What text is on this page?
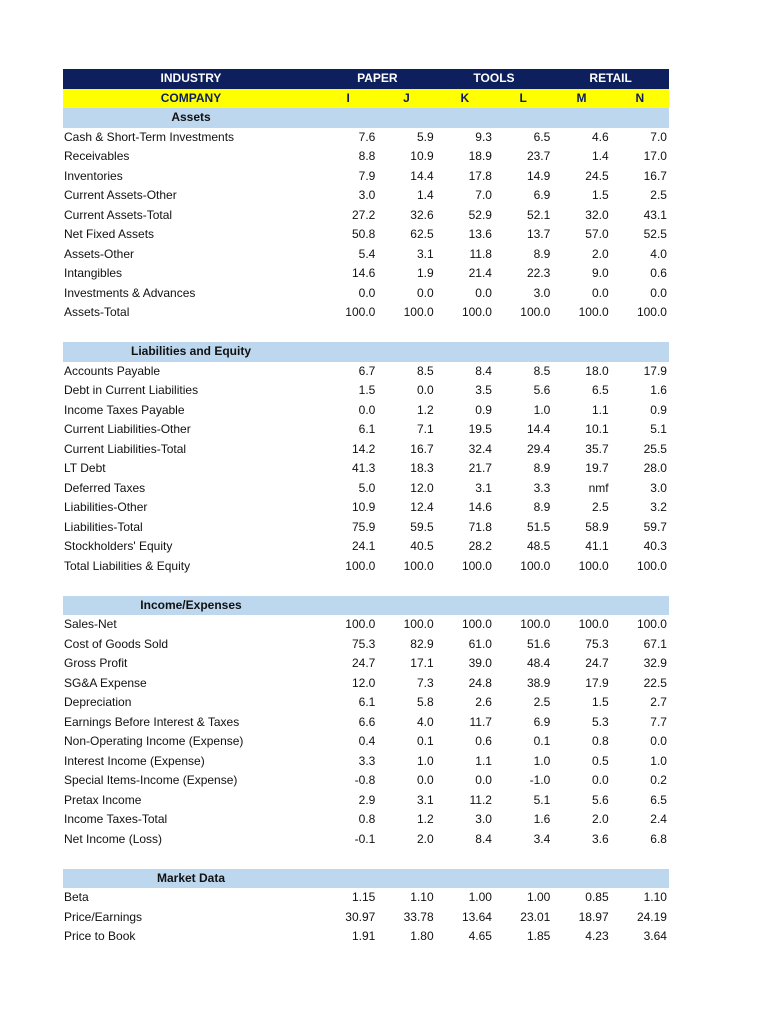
INDUSTRY	PAPER	TOOLS	RETAIL
COMPANY	I	J	K	L	M	N
Assets
Cash & Short-Term Investments	7.6	5.9	9.3	6.5	4.6	7.0
Receivables	8.8	10.9	18.9	23.7	1.4	17.0
Inventories	7.9	14.4	17.8	14.9	24.5	16.7
Current Assets-Other	3.0	1.4	7.0	6.9	1.5	2.5
Current Assets-Total	27.2	32.6	52.9	52.1	32.0	43.1
Net Fixed Assets	50.8	62.5	13.6	13.7	57.0	52.5
Assets-Other	5.4	3.1	11.8	8.9	2.0	4.0
Intangibles	14.6	1.9	21.4	22.3	9.0	0.6
Investments & Advances	0.0	0.0	0.0	3.0	0.0	0.0
Assets-Total	100.0	100.0	100.0	100.0	100.0	100.0
Liabilities and Equity
Accounts Payable	6.7	8.5	8.4	8.5	18.0	17.9
Debt in Current Liabilities	1.5	0.0	3.5	5.6	6.5	1.6
Income Taxes Payable	0.0	1.2	0.9	1.0	1.1	0.9
Current Liabilities-Other	6.1	7.1	19.5	14.4	10.1	5.1
Current Liabilities-Total	14.2	16.7	32.4	29.4	35.7	25.5
LT Debt	41.3	18.3	21.7	8.9	19.7	28.0
Deferred Taxes	5.0	12.0	3.1	3.3	nmf	3.0
Liabilities-Other	10.9	12.4	14.6	8.9	2.5	3.2
Liabilities-Total	75.9	59.5	71.8	51.5	58.9	59.7
Stockholders' Equity	24.1	40.5	28.2	48.5	41.1	40.3
Total Liabilities & Equity	100.0	100.0	100.0	100.0	100.0	100.0
Income/Expenses
Sales-Net	100.0	100.0	100.0	100.0	100.0	100.0
Cost of Goods Sold	75.3	82.9	61.0	51.6	75.3	67.1
Gross Profit	24.7	17.1	39.0	48.4	24.7	32.9
SG&A Expense	12.0	7.3	24.8	38.9	17.9	22.5
Depreciation	6.1	5.8	2.6	2.5	1.5	2.7
Earnings Before Interest & Taxes	6.6	4.0	11.7	6.9	5.3	7.7
Non-Operating Income (Expense)	0.4	0.1	0.6	0.1	0.8	0.0
Interest Income (Expense)	3.3	1.0	1.1	1.0	0.5	1.0
Special Items-Income (Expense)	-0.8	0.0	0.0	-1.0	0.0	0.2
Pretax Income	2.9	3.1	11.2	5.1	5.6	6.5
Income Taxes-Total	0.8	1.2	3.0	1.6	2.0	2.4
Net Income (Loss)	-0.1	2.0	8.4	3.4	3.6	6.8
Market Data
Beta	1.15	1.10	1.00	1.00	0.85	1.10
Price/Earnings	30.97	33.78	13.64	23.01	18.97	24.19
Price to Book	1.91	1.80	4.65	1.85	4.23	3.64
